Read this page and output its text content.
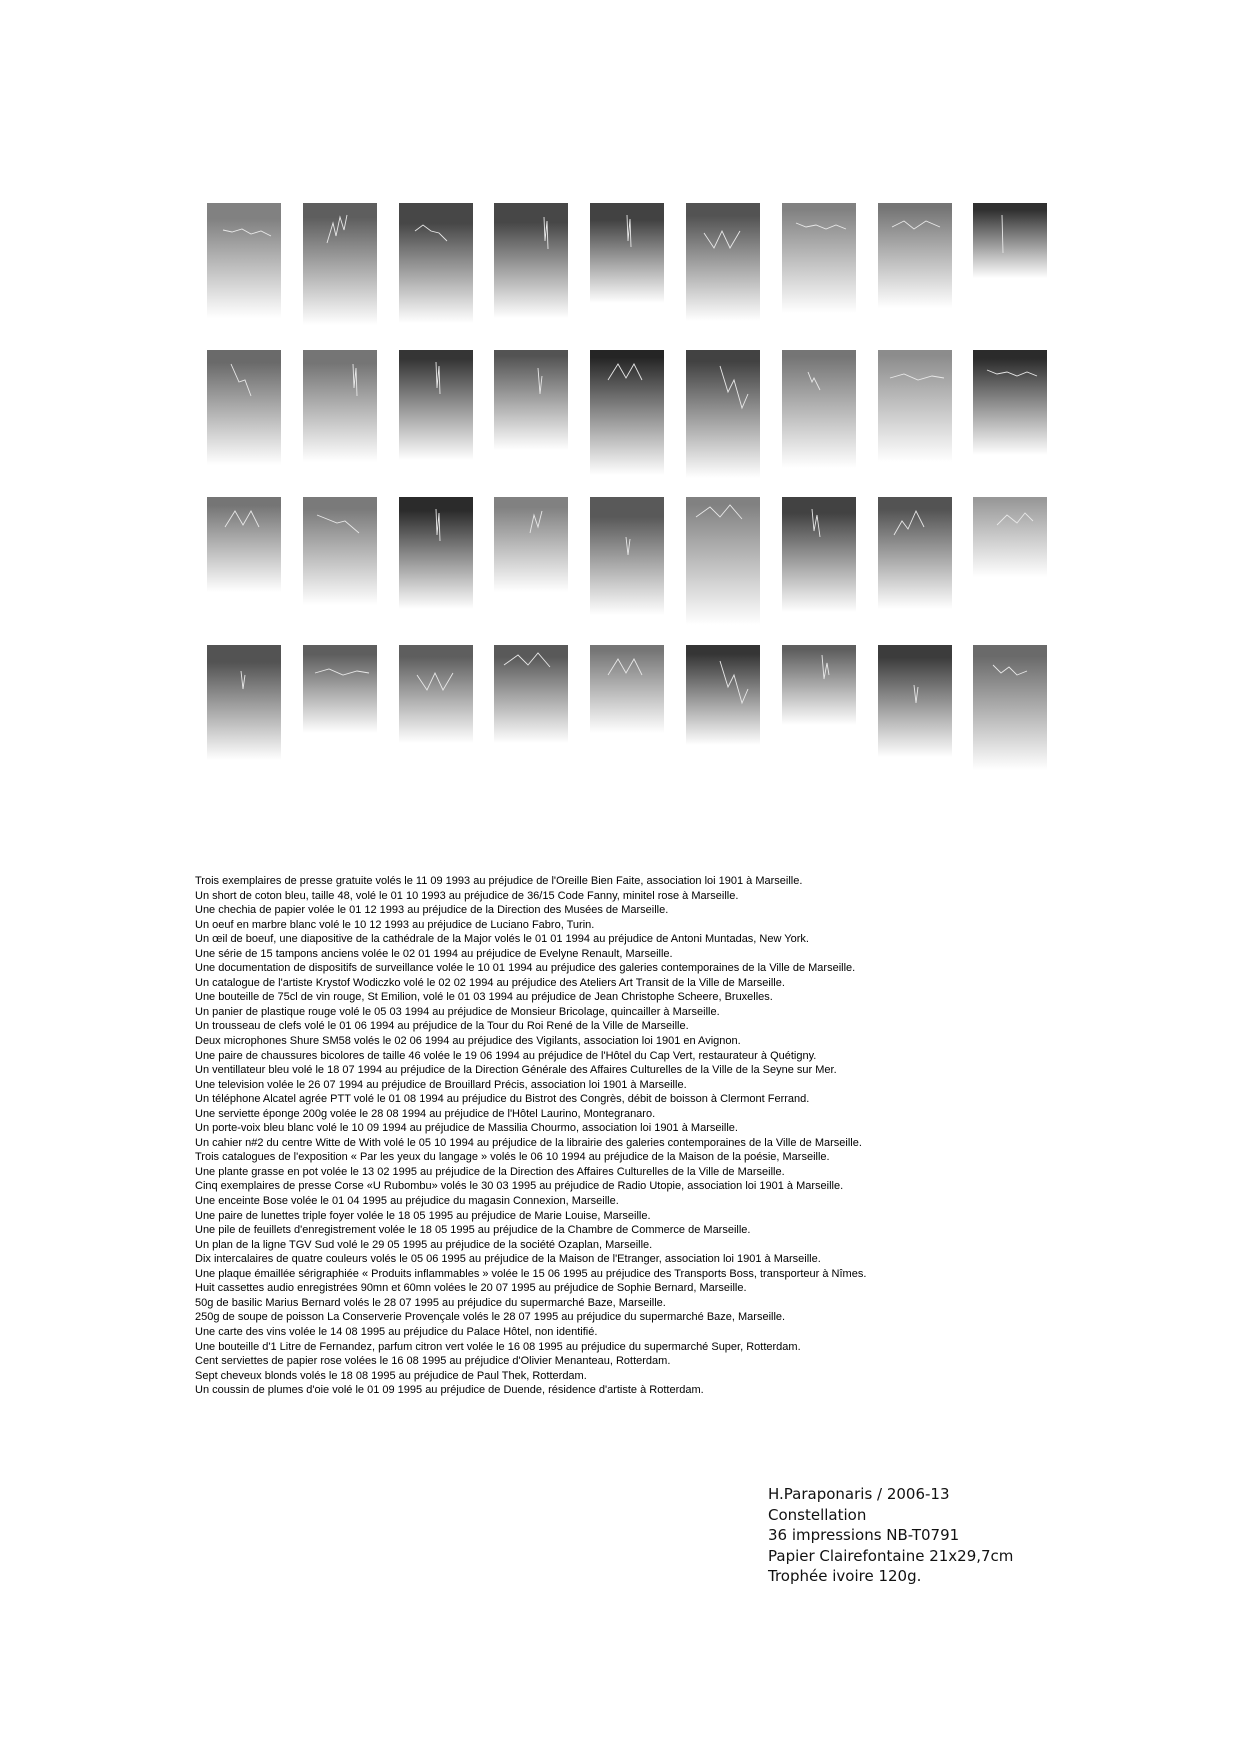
Trois exemplaires de presse gratuite volés le 11 09 1993 au préjudice de l'Oreille Bien Faite, association loi 1901 à Marseille.
Un short de coton bleu, taille 48, volé le 01 10 1993 au préjudice de 36/15 Code Fanny, minitel rose à Marseille.
Une chechia de papier volée le 01 12 1993 au préjudice de la Direction des Musées de Marseille.
Un oeuf en marbre blanc volé le 10 12 1993 au préjudice de Luciano Fabro, Turin.
Un œil de boeuf, une diapositive de la cathédrale de la Major volés le 01 01 1994 au préjudice de Antoni Muntadas, New York.
Une série de 15 tampons anciens volée le 02 01 1994 au préjudice de Evelyne Renault, Marseille.
Une documentation de dispositifs de surveillance volée le 10 01 1994 au préjudice des galeries contemporaines de la Ville de Marseille.
Un catalogue de l'artiste Krystof Wodiczko volé le 02 02 1994 au préjudice des Ateliers Art Transit de la Ville de Marseille.
Une bouteille de 75cl de vin rouge, St Emilion, volé le 01 03 1994 au préjudice de Jean Christophe Scheere, Bruxelles.
Un panier de plastique rouge volé le 05 03 1994 au préjudice de Monsieur Bricolage, quincailler à Marseille.
Un trousseau de clefs volé le 01 06 1994 au préjudice de la Tour du Roi René de la Ville de Marseille.
Deux microphones Shure SM58 volés le 02 06 1994 au préjudice des Vigilants, association loi 1901 en Avignon.
Une paire de chaussures bicolores de taille 46 volée le 19 06 1994 au préjudice de l'Hôtel du Cap Vert, restaurateur à Quétigny.
Un ventillateur bleu volé le 18 07 1994 au préjudice de la Direction Générale des Affaires Culturelles de la Ville de la Seyne sur Mer.
Une television volée le 26 07 1994 au préjudice de Brouillard Précis, association loi 1901 à Marseille.
Un téléphone Alcatel agrée PTT volé le 01 08 1994 au préjudice du Bistrot des Congrès, débit de boisson à Clermont Ferrand.
Une serviette éponge 200g volée le 28 08 1994 au préjudice de l'Hôtel Laurino, Montegranaro.
Un porte-voix bleu blanc volé le 10 09 1994 au préjudice de Massilia Chourmo, association loi 1901 à Marseille.
Un cahier n#2 du centre Witte de With volé le 05 10 1994 au préjudice de la librairie des galeries contemporaines de la Ville de Marseille.
Trois catalogues de l'exposition « Par les yeux du langage » volés le 06 10 1994 au préjudice de la Maison de la poésie, Marseille.
Une plante grasse en pot volée le 13 02 1995 au préjudice de la Direction des Affaires Culturelles de la Ville de Marseille.
Cinq exemplaires de presse Corse «U Rubombu» volés le 30 03 1995 au préjudice de Radio Utopie, association loi 1901 à Marseille.
Une enceinte Bose volée le 01 04 1995 au préjudice du magasin Connexion, Marseille.
Une paire de lunettes triple foyer volée le 18 05 1995 au préjudice de Marie Louise, Marseille.
Une pile de feuillets d'enregistrement volée le 18 05 1995 au préjudice de la Chambre de Commerce de Marseille.
Un plan de la ligne TGV Sud volé le 29 05 1995 au préjudice de la société Ozaplan, Marseille.
Dix intercalaires de quatre couleurs volés le 05 06 1995 au préjudice de la Maison de l'Etranger, association loi 1901 à Marseille.
Une plaque émaillée sérigraphiée « Produits inflammables » volée le 15 06 1995 au préjudice des Transports Boss, transporteur à Nîmes.
Huit cassettes audio enregistrées 90mn et 60mn volées le 20 07 1995 au préjudice de Sophie Bernard, Marseille.
50g de basilic Marius Bernard volés le 28 07 1995 au préjudice du supermarché Baze, Marseille.
250g de soupe de poisson La Conserverie Provençale volés le 28 07 1995 au préjudice du supermarché Baze, Marseille.
Une carte des vins volée le 14 08 1995 au préjudice du Palace Hôtel, non identifié.
Une bouteille d'1 Litre de Fernandez, parfum citron vert volée le 16 08 1995 au préjudice du supermarché Super, Rotterdam.
Cent serviettes de papier rose volées le 16 08 1995 au préjudice d'Olivier Menanteau, Rotterdam.
Sept cheveux blonds volés le 18 08 1995 au préjudice de Paul Thek, Rotterdam.
Un coussin de plumes d'oie volé le 01 09 1995 au préjudice de Duende, résidence d'artiste à Rotterdam.
H.Paraponaris / 2006-13
Constellation
36 impressions NB-T0791
Papier Clairefontaine 21x29,7cm
Trophée ivoire 120g.
